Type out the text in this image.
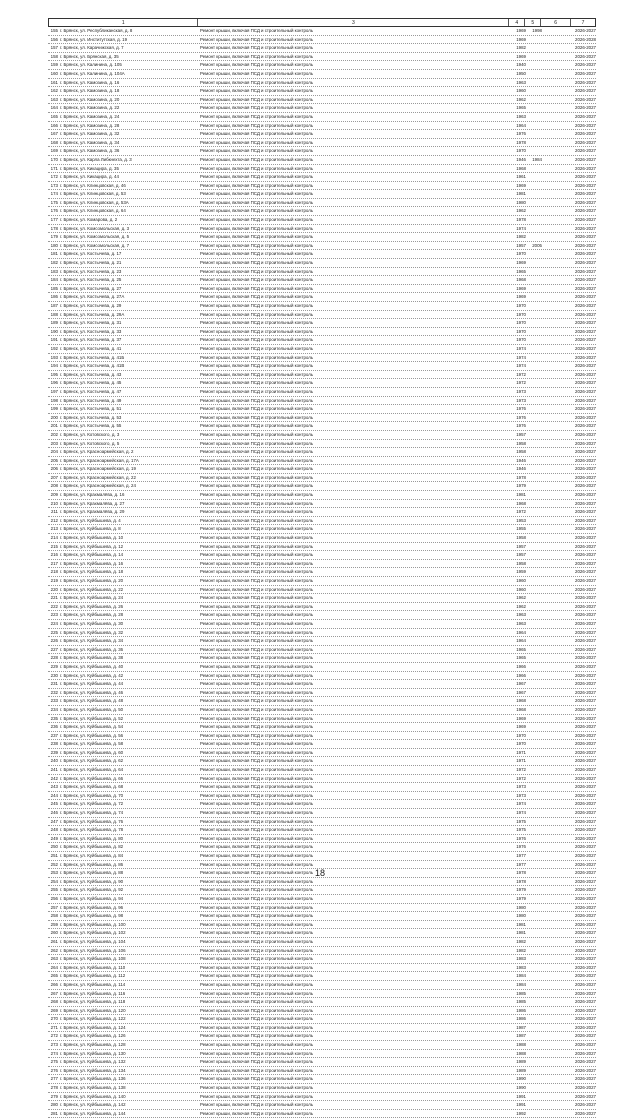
1	3	4	5	6	7
155 г. Брянск, ул. Республиканская, д. 8	Ремонт крыши, включая ПСД и строительный контроль	1969	1998	2026-2027
156 г. Брянск, ул. Институтская, д. 19	Ремонт крыши, включая ПСД и строительный контроль	1969	2026-2028
157 г. Брянск, ул. Карачижская, д. 7	Ремонт крыши, включая ПСД и строительный контроль	1982	2026-2027
158 г. Брянск, ул. Брянская, д. 35	Ремонт крыши, включая ПСД и строительный контроль	1969	2026-2027
159 г. Брянск, ул. Калинина, д. 105	Ремонт крыши, включая ПСД и строительный контроль	1940	2026-2027
160 г. Брянск, ул. Калинина, д. 104А	Ремонт крыши, включая ПСД и строительный контроль	1950	2026-2027
161 г. Брянск, ул. Камозина, д. 16	Ремонт крыши, включая ПСД и строительный контроль	1963	2026-2027
162 г. Брянск, ул. Камозина, д. 18	Ремонт крыши, включая ПСД и строительный контроль	1960	2026-2027
163 г. Брянск, ул. Камозина, д. 20	Ремонт крыши, включая ПСД и строительный контроль	1962	2026-2027
164 г. Брянск, ул. Камозина, д. 22	Ремонт крыши, включая ПСД и строительный контроль	1965	2026-2027
165 г. Брянск, ул. Камозина, д. 24	Ремонт крыши, включая ПСД и строительный контроль	1963	2026-2027
166 г. Брянск, ул. Камозина, д. 28	Ремонт крыши, включая ПСД и строительный контроль	1964	2026-2027
167 г. Брянск, ул. Камозина, д. 32	Ремонт крыши, включая ПСД и строительный контроль	1976	2026-2027
168 г. Брянск, ул. Камозина, д. 34	Ремонт крыши, включая ПСД и строительный контроль	1978	2026-2027
169 г. Брянск, ул. Камозина, д. 36	Ремонт крыши, включая ПСД и строительный контроль	1970	2026-2027
170 г. Брянск, ул. Карла Либкнехта, д. 3	Ремонт крыши, включая ПСД и строительный контроль	1946	1984	2026-2027
171 г. Брянск, ул. Кикацира, д. 35	Ремонт крыши, включая ПСД и строительный контроль	1968	2026-2027
172 г. Брянск, ул. Кикацира, д. 44	Ремонт крыши, включая ПСД и строительный контроль	1961	2026-2027
173 г. Брянск, ул. Клинцовская, д. 46	Ремонт крыши, включая ПСД и строительный контроль	1969	2026-2027
174 г. Брянск, ул. Клинцовская, д. 53	Ремонт крыши, включая ПСД и строительный контроль	1981	2026-2027
175 г. Брянск, ул. Клинцовская, д. 53А	Ремонт крыши, включая ПСД и строительный контроль	1980	2026-2027
176 г. Брянск, ул. Клинцовская, д. 64	Ремонт крыши, включая ПСД и строительный контроль	1962	2026-2027
177 г. Брянск, ул. Комарова, д. 2	Ремонт крыши, включая ПСД и строительный контроль	1978	2026-2027
178 г. Брянск, ул. Комсомольская, д. 3	Ремонт крыши, включая ПСД и строительный контроль	1974	2026-2027
179 г. Брянск, ул. Комсомольская, д. 5	Ремонт крыши, включая ПСД и строительный контроль	1982	2026-2027
180 г. Брянск, ул. Комсомольская, д. 7	Ремонт крыши, включая ПСД и строительный контроль	1957	2005	2026-2027
181 г. Брянск, ул. Костычева, д. 17	Ремонт крыши, включая ПСД и строительный контроль	1970	2026-2027
182 г. Брянск, ул. Костычева, д. 21	Ремонт крыши, включая ПСД и строительный контроль	1969	2026-2027
183 г. Брянск, ул. Костычева, д. 23	Ремонт крыши, включая ПСД и строительный контроль	1965	2026-2027
184 г. Брянск, ул. Костычева, д. 25	Ремонт крыши, включая ПСД и строительный контроль	1968	2026-2027
185 г. Брянск, ул. Костычева, д. 27	Ремонт крыши, включая ПСД и строительный контроль	1969	2026-2027
186 г. Брянск, ул. Костычева, д. 27А	Ремонт крыши, включая ПСД и строительный контроль	1969	2026-2027
187 г. Брянск, ул. Костычева, д. 29	Ремонт крыши, включая ПСД и строительный контроль	1970	2026-2027
188 г. Брянск, ул. Костычева, д. 29А	Ремонт крыши, включая ПСД и строительный контроль	1970	2026-2027
189 г. Брянск, ул. Костычева, д. 31	Ремонт крыши, включая ПСД и строительный контроль	1970	2026-2027
190 г. Брянск, ул. Костычева, д. 33	Ремонт крыши, включая ПСД и строительный контроль	1970	2026-2027
191 г. Брянск, ул. Костычева, д. 37	Ремонт крыши, включая ПСД и строительный контроль	1970	2026-2027
192 г. Брянск, ул. Костычева, д. 41	Ремонт крыши, включая ПСД и строительный контроль	1974	2026-2027
193 г. Брянск, ул. Костычева, д. 41Б	Ремонт крыши, включая ПСД и строительный контроль	1974	2026-2027
194 г. Брянск, ул. Костычева, д. 41В	Ремонт крыши, включая ПСД и строительный контроль	1974	2026-2027
195 г. Брянск, ул. Костычева, д. 43	Ремонт крыши, включая ПСД и строительный контроль	1972	2026-2027
196 г. Брянск, ул. Костычева, д. 45	Ремонт крыши, включая ПСД и строительный контроль	1972	2026-2027
197 г. Брянск, ул. Костычева, д. 47	Ремонт крыши, включая ПСД и строительный контроль	1973	2026-2027
198 г. Брянск, ул. Костычева, д. 49	Ремонт крыши, включая ПСД и строительный контроль	1973	2026-2027
199 г. Брянск, ул. Костычева, д. 51	Ремонт крыши, включая ПСД и строительный контроль	1976	2026-2027
200 г. Брянск, ул. Костычева, д. 53	Ремонт крыши, включая ПСД и строительный контроль	1976	2026-2027
201 г. Брянск, ул. Костычева, д. 55	Ремонт крыши, включая ПСД и строительный контроль	1976	2026-2027
202 г. Брянск, ул. Котовского, д. 3	Ремонт крыши, включая ПСД и строительный контроль	1957	2026-2027
203 г. Брянск, ул. Котовского, д. 5	Ремонт крыши, включая ПСД и строительный контроль	1958	2026-2027
204 г. Брянск, ул. Красноармейская, д. 2	Ремонт крыши, включая ПСД и строительный контроль	1958	2026-2027
205 г. Брянск, ул. Красноармейская, д. 17А	Ремонт крыши, включая ПСД и строительный контроль	1946	2026-2027
206 г. Брянск, ул. Красноармейская, д. 19	Ремонт крыши, включая ПСД и строительный контроль	1946	2026-2027
207 г. Брянск, ул. Красноармейская, д. 22	Ремонт крыши, включая ПСД и строительный контроль	1978	2026-2027
208 г. Брянск, ул. Красноармейская, д. 24	Ремонт крыши, включая ПСД и строительный контроль	1979	2026-2027
209 г. Брянск, ул. Крахмалёва, д. 16	Ремонт крыши, включая ПСД и строительный контроль	1981	2026-2027
210 г. Брянск, ул. Крахмалёва, д. 27	Ремонт крыши, включая ПСД и строительный контроль	1968	2026-2027
211 г. Брянск, ул. Крахмалёва, д. 29	Ремонт крыши, включая ПСД и строительный контроль	1972	2026-2027
212 г. Брянск, ул. Куйбышева, д. 4	Ремонт крыши, включая ПСД и строительный контроль	1953	2026-2027
213 г. Брянск, ул. Куйбышева, д. 8	Ремонт крыши, включая ПСД и строительный контроль	1955	2026-2027
214 г. Брянск, ул. Куйбышева, д. 10	Ремонт крыши, включая ПСД и строительный контроль	1958	2026-2027
215 г. Брянск, ул. Куйбышева, д. 12	Ремонт крыши, включая ПСД и строительный контроль	1957	2026-2027
216 г. Брянск, ул. Куйбышева, д. 14	Ремонт крыши, включая ПСД и строительный контроль	1957	2026-2027
217 г. Брянск, ул. Куйбышева, д. 16	Ремонт крыши, включая ПСД и строительный контроль	1958	2026-2027
218 г. Брянск, ул. Куйбышева, д. 18	Ремонт крыши, включая ПСД и строительный контроль	1959	2026-2027
219 г. Брянск, ул. Куйбышева, д. 20	Ремонт крыши, включая ПСД и строительный контроль	1960	2026-2027
220 г. Брянск, ул. Куйбышева, д. 22	Ремонт крыши, включая ПСД и строительный контроль	1960	2026-2027
221 г. Брянск, ул. Куйбышева, д. 24	Ремонт крыши, включая ПСД и строительный контроль	1962	2026-2027
222 г. Брянск, ул. Куйбышева, д. 26	Ремонт крыши, включая ПСД и строительный контроль	1962	2026-2027
223 г. Брянск, ул. Куйбышева, д. 28	Ремонт крыши, включая ПСД и строительный контроль	1963	2026-2027
224 г. Брянск, ул. Куйбышева, д. 30	Ремонт крыши, включая ПСД и строительный контроль	1963	2026-2027
225 г. Брянск, ул. Куйбышева, д. 32	Ремонт крыши, включая ПСД и строительный контроль	1964	2026-2027
226 г. Брянск, ул. Куйбышева, д. 34	Ремонт крыши, включая ПСД и строительный контроль	1964	2026-2027
227 г. Брянск, ул. Куйбышева, д. 36	Ремонт крыши, включая ПСД и строительный контроль	1965	2026-2027
228 г. Брянск, ул. Куйбышева, д. 38	Ремонт крыши, включая ПСД и строительный контроль	1965	2026-2027
229 г. Брянск, ул. Куйбышева, д. 40	Ремонт крыши, включая ПСД и строительный контроль	1966	2026-2027
230 г. Брянск, ул. Куйбышева, д. 42	Ремонт крыши, включая ПСД и строительный контроль	1966	2026-2027
231 г. Брянск, ул. Куйбышева, д. 44	Ремонт крыши, включая ПСД и строительный контроль	1967	2026-2027
232 г. Брянск, ул. Куйбышева, д. 46	Ремонт крыши, включая ПСД и строительный контроль	1967	2026-2027
233 г. Брянск, ул. Куйбышева, д. 48	Ремонт крыши, включая ПСД и строительный контроль	1968	2026-2027
234 г. Брянск, ул. Куйбышева, д. 50	Ремонт крыши, включая ПСД и строительный контроль	1968	2026-2027
235 г. Брянск, ул. Куйбышева, д. 52	Ремонт крыши, включая ПСД и строительный контроль	1969	2026-2027
236 г. Брянск, ул. Куйбышева, д. 54	Ремонт крыши, включая ПСД и строительный контроль	1969	2026-2027
237 г. Брянск, ул. Куйбышева, д. 56	Ремонт крыши, включая ПСД и строительный контроль	1970	2026-2027
238 г. Брянск, ул. Куйбышева, д. 58	Ремонт крыши, включая ПСД и строительный контроль	1970	2026-2027
239 г. Брянск, ул. Куйбышева, д. 60	Ремонт крыши, включая ПСД и строительный контроль	1971	2026-2027
240 г. Брянск, ул. Куйбышева, д. 62	Ремонт крыши, включая ПСД и строительный контроль	1971	2026-2027
241 г. Брянск, ул. Куйбышева, д. 64	Ремонт крыши, включая ПСД и строительный контроль	1972	2026-2027
242 г. Брянск, ул. Куйбышева, д. 66	Ремонт крыши, включая ПСД и строительный контроль	1972	2026-2027
243 г. Брянск, ул. Куйбышева, д. 68	Ремонт крыши, включая ПСД и строительный контроль	1973	2026-2027
244 г. Брянск, ул. Куйбышева, д. 70	Ремонт крыши, включая ПСД и строительный контроль	1973	2026-2027
245 г. Брянск, ул. Куйбышева, д. 72	Ремонт крыши, включая ПСД и строительный контроль	1974	2026-2027
246 г. Брянск, ул. Куйбышева, д. 74	Ремонт крыши, включая ПСД и строительный контроль	1974	2026-2027
247 г. Брянск, ул. Куйбышева, д. 76	Ремонт крыши, включая ПСД и строительный контроль	1975	2026-2027
248 г. Брянск, ул. Куйбышева, д. 78	Ремонт крыши, включая ПСД и строительный контроль	1975	2026-2027
249 г. Брянск, ул. Куйбышева, д. 80	Ремонт крыши, включая ПСД и строительный контроль	1976	2026-2027
250 г. Брянск, ул. Куйбышева, д. 82	Ремонт крыши, включая ПСД и строительный контроль	1976	2026-2027
251 г. Брянск, ул. Куйбышева, д. 84	Ремонт крыши, включая ПСД и строительный контроль	1977	2026-2027
252 г. Брянск, ул. Куйбышева, д. 86	Ремонт крыши, включая ПСД и строительный контроль	1977	2026-2027
253 г. Брянск, ул. Куйбышева, д. 88	Ремонт крыши, включая ПСД и строительный контроль	1978	2026-2027
254 г. Брянск, ул. Куйбышева, д. 90	Ремонт крыши, включая ПСД и строительный контроль	1978	2026-2027
255 г. Брянск, ул. Куйбышева, д. 92	Ремонт крыши, включая ПСД и строительный контроль	1979	2026-2027
256 г. Брянск, ул. Куйбышева, д. 94	Ремонт крыши, включая ПСД и строительный контроль	1979	2026-2027
257 г. Брянск, ул. Куйбышева, д. 96	Ремонт крыши, включая ПСД и строительный контроль	1980	2026-2027
258 г. Брянск, ул. Куйбышева, д. 98	Ремонт крыши, включая ПСД и строительный контроль	1980	2026-2027
259 г. Брянск, ул. Куйбышева, д. 100	Ремонт крыши, включая ПСД и строительный контроль	1981	2026-2027
260 г. Брянск, ул. Куйбышева, д. 102	Ремонт крыши, включая ПСД и строительный контроль	1981	2026-2027
261 г. Брянск, ул. Куйбышева, д. 104	Ремонт крыши, включая ПСД и строительный контроль	1982	2026-2027
262 г. Брянск, ул. Куйбышева, д. 106	Ремонт крыши, включая ПСД и строительный контроль	1982	2026-2027
263 г. Брянск, ул. Куйбышева, д. 108	Ремонт крыши, включая ПСД и строительный контроль	1983	2026-2027
264 г. Брянск, ул. Куйбышева, д. 110	Ремонт крыши, включая ПСД и строительный контроль	1983	2026-2027
265 г. Брянск, ул. Куйбышева, д. 112	Ремонт крыши, включая ПСД и строительный контроль	1984	2026-2027
266 г. Брянск, ул. Куйбышева, д. 114	Ремонт крыши, включая ПСД и строительный контроль	1984	2026-2027
267 г. Брянск, ул. Куйбышева, д. 116	Ремонт крыши, включая ПСД и строительный контроль	1985	2026-2027
268 г. Брянск, ул. Куйбышева, д. 118	Ремонт крыши, включая ПСД и строительный контроль	1985	2026-2027
269 г. Брянск, ул. Куйбышева, д. 120	Ремонт крыши, включая ПСД и строительный контроль	1986	2026-2027
270 г. Брянск, ул. Куйбышева, д. 122	Ремонт крыши, включая ПСД и строительный контроль	1986	2026-2027
271 г. Брянск, ул. Куйбышева, д. 124	Ремонт крыши, включая ПСД и строительный контроль	1987	2026-2027
272 г. Брянск, ул. Куйбышева, д. 126	Ремонт крыши, включая ПСД и строительный контроль	1987	2026-2027
273 г. Брянск, ул. Куйбышева, д. 128	Ремонт крыши, включая ПСД и строительный контроль	1988	2026-2027
274 г. Брянск, ул. Куйбышева, д. 130	Ремонт крыши, включая ПСД и строительный контроль	1988	2026-2027
275 г. Брянск, ул. Куйбышева, д. 132	Ремонт крыши, включая ПСД и строительный контроль	1989	2026-2027
276 г. Брянск, ул. Куйбышева, д. 134	Ремонт крыши, включая ПСД и строительный контроль	1989	2026-2027
277 г. Брянск, ул. Куйбышева, д. 136	Ремонт крыши, включая ПСД и строительный контроль	1990	2026-2027
278 г. Брянск, ул. Куйбышева, д. 138	Ремонт крыши, включая ПСД и строительный контроль	1990	2026-2027
279 г. Брянск, ул. Куйбышева, д. 140	Ремонт крыши, включая ПСД и строительный контроль	1991	2026-2027
280 г. Брянск, ул. Куйбышева, д. 142	Ремонт крыши, включая ПСД и строительный контроль	1991	2026-2027
281 г. Брянск, ул. Куйбышева, д. 144	Ремонт крыши, включая ПСД и строительный контроль	1992	2026-2027
18
